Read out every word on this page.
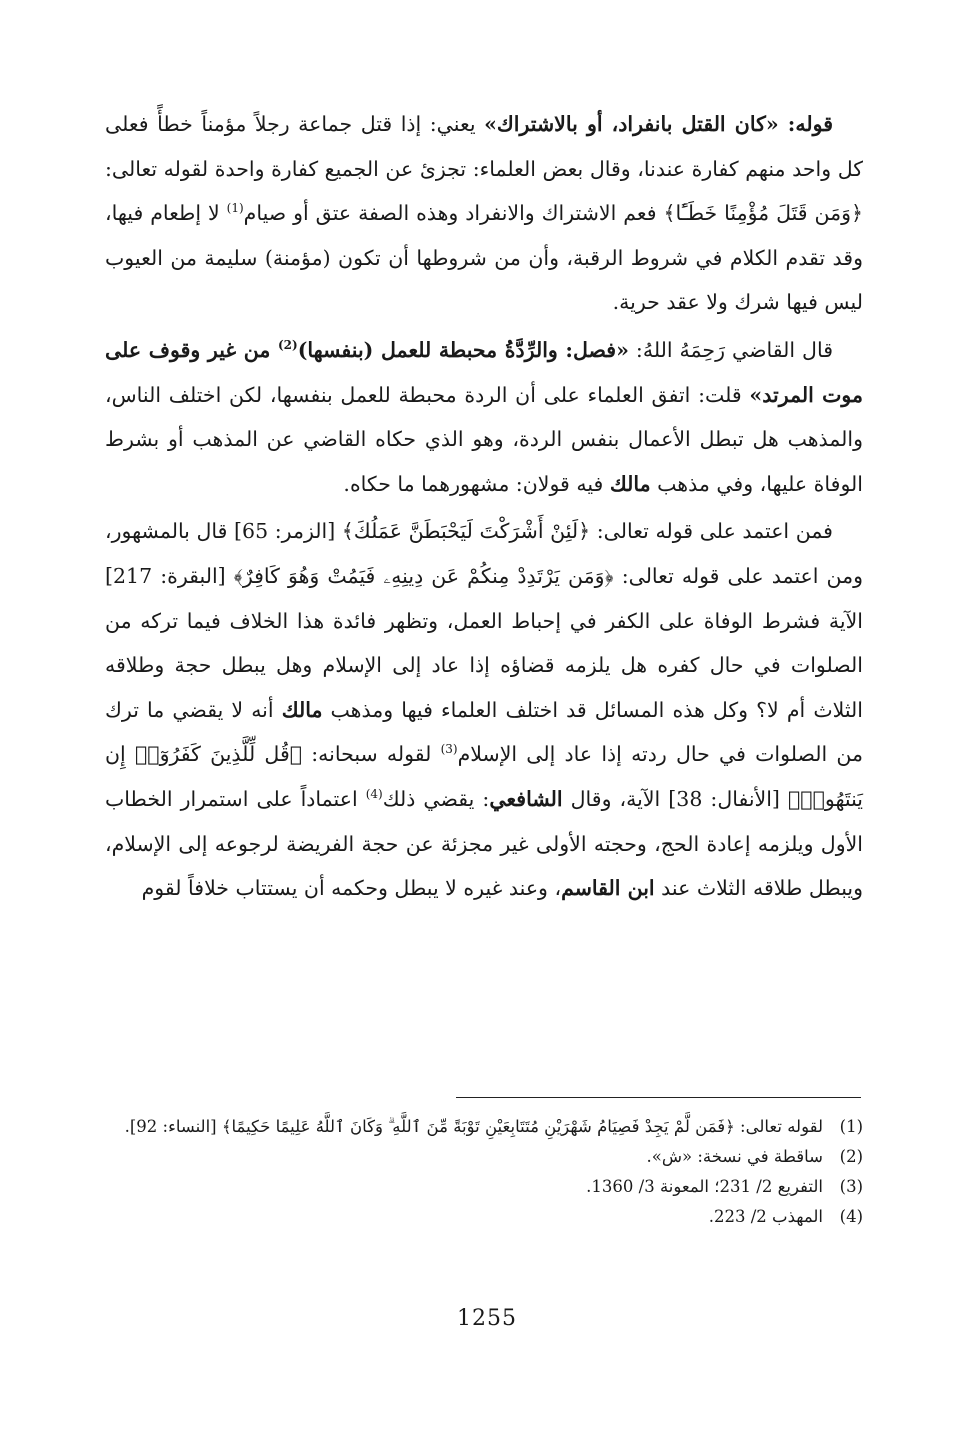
قوله: «كان القتل بانفراد، أو بالاشتراك» يعني: إذا قتل جماعة رجلاً مؤمناً خطأً فعلى كل واحد منهم كفارة عندنا، وقال بعض العلماء: تجزئ عن الجميع كفارة واحدة لقوله تعالى: ﴿وَمَن قَتَلَ مُؤْمِنًا خَطَـًٔا﴾ فعم الاشتراك والانفراد وهذه الصفة عتق أو صيام$^{(1)}$ لا إطعام فيها، وقد تقدم الكلام في شروط الرقبة، وأن من شروطها أن تكون (مؤمنة) سليمة من العيوب ليس فيها شرك ولا عقد حرية.

قال القاضي رَحِمَهُ اللهُ: «فصل: والرِّدَّةُ محبطة للعمل (بنفسها)$^{(2)}$ من غير وقوف على موت المرتد» قلت: اتفق العلماء على أن الردة محبطة للعمل بنفسها، لكن اختلف الناس، والمذهب هل تبطل الأعمال بنفس الردة، وهو الذي حكاه القاضي عن المذهب أو بشرط الوفاة عليها، وفي مذهب مالك فيه قولان: مشهورهما ما حكاه.

فمن اعتمد على قوله تعالى: ﴿لَئِنْ أَشْرَكْتَ لَيَحْبَطَنَّ عَمَلُكَ﴾ [الزمر: 65] قال بالمشهور، ومن اعتمد على قوله تعالى: ﴿وَمَن يَرْتَدِدْ مِنكُمْ عَن دِينِهِۦ فَيَمُتْ وَهُوَ كَافِرٌ﴾ [البقرة: 217] الآية فشرط الوفاة على الكفر في إحباط العمل، وتظهر فائدة هذا الخلاف فيما تركه من الصلوات في حال كفره هل يلزمه قضاؤه إذا عاد إلى الإسلام وهل يبطل حجة وطلاقه الثلاث أم لا؟ وكل هذه المسائل قد اختلف العلماء فيها ومذهب مالك أنه لا يقضي ما ترك من الصلوات في حال ردته إذا عاد إلى الإسلام$^{(3)}$ لقوله سبحانه: ﴿قُل لِّلَّذِينَ كَفَرُوٓا۟ إِن يَنتَهُوا۟﴾ [الأنفال: 38] الآية، وقال الشافعي: يقضي ذلك$^{(4)}$ اعتماداً على استمرار الخطاب الأول ويلزمه إعادة الحج، وحجته الأولى غير مجزئة عن حجة الفريضة لرجوعه إلى الإسلام، ويبطل طلاقه الثلاث عند ابن القاسم، وعند غيره لا يبطل وحكمه أن يستتاب خلافاً لقوم

(1)
لقوله تعالى: ﴿فَمَن لَّمْ يَجِدْ فَصِيَامُ شَهْرَيْنِ مُتَتَابِعَيْنِ تَوْبَةً مِّنَ ٱللَّهِ ۗ وَكَانَ ٱللَّهُ عَلِيمًا حَكِيمًا﴾ [النساء: 92].
(2)
ساقطة في نسخة: «ش».
(3)
التفريع 2/ 231؛ المعونة 3/ 1360.
(4)
المهذب 2/ 223.
1255
